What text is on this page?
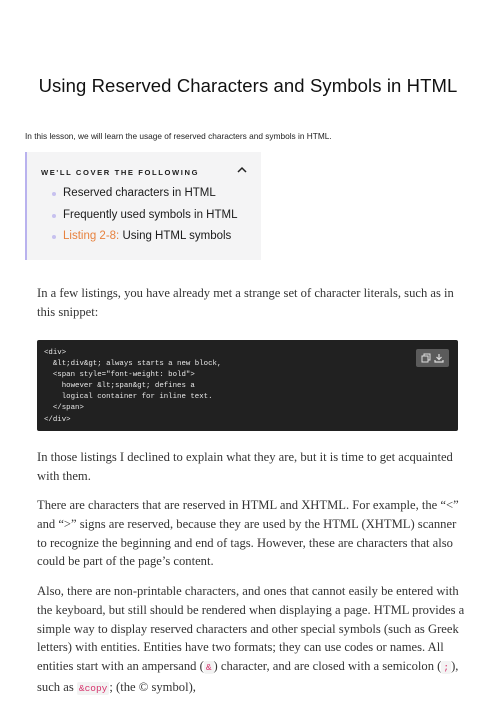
Using Reserved Characters and Symbols in HTML
In this lesson, we will learn the usage of reserved characters and symbols in HTML.
WE'LL COVER THE FOLLOWING
Reserved characters in HTML
Frequently used symbols in HTML
Listing 2-8: Using HTML symbols
In a few listings, you have already met a strange set of character literals, such as in this snippet:
<div>
&lt;div&gt; always starts a new block,
<span style="font-weight: bold">
however &lt;span&gt; defines a
logical container for inline text.
</span>
</div>
In those listings I declined to explain what they are, but it is time to get acquainted with them.
There are characters that are reserved in HTML and XHTML. For example, the “<” and “>” signs are reserved, because they are used by the HTML (XHTML) scanner to recognize the beginning and end of tags. However, these are characters that also could be part of the page’s content.
Also, there are non-printable characters, and ones that cannot easily be entered with the keyboard, but still should be rendered when displaying a page. HTML provides a simple way to display reserved characters and other special symbols (such as Greek letters) with entities. Entities have two formats; they can use codes or names. All entities start with an ampersand ( & ) character, and are closed with a semicolon ( ; ), such as &copy ; (the © symbol),
